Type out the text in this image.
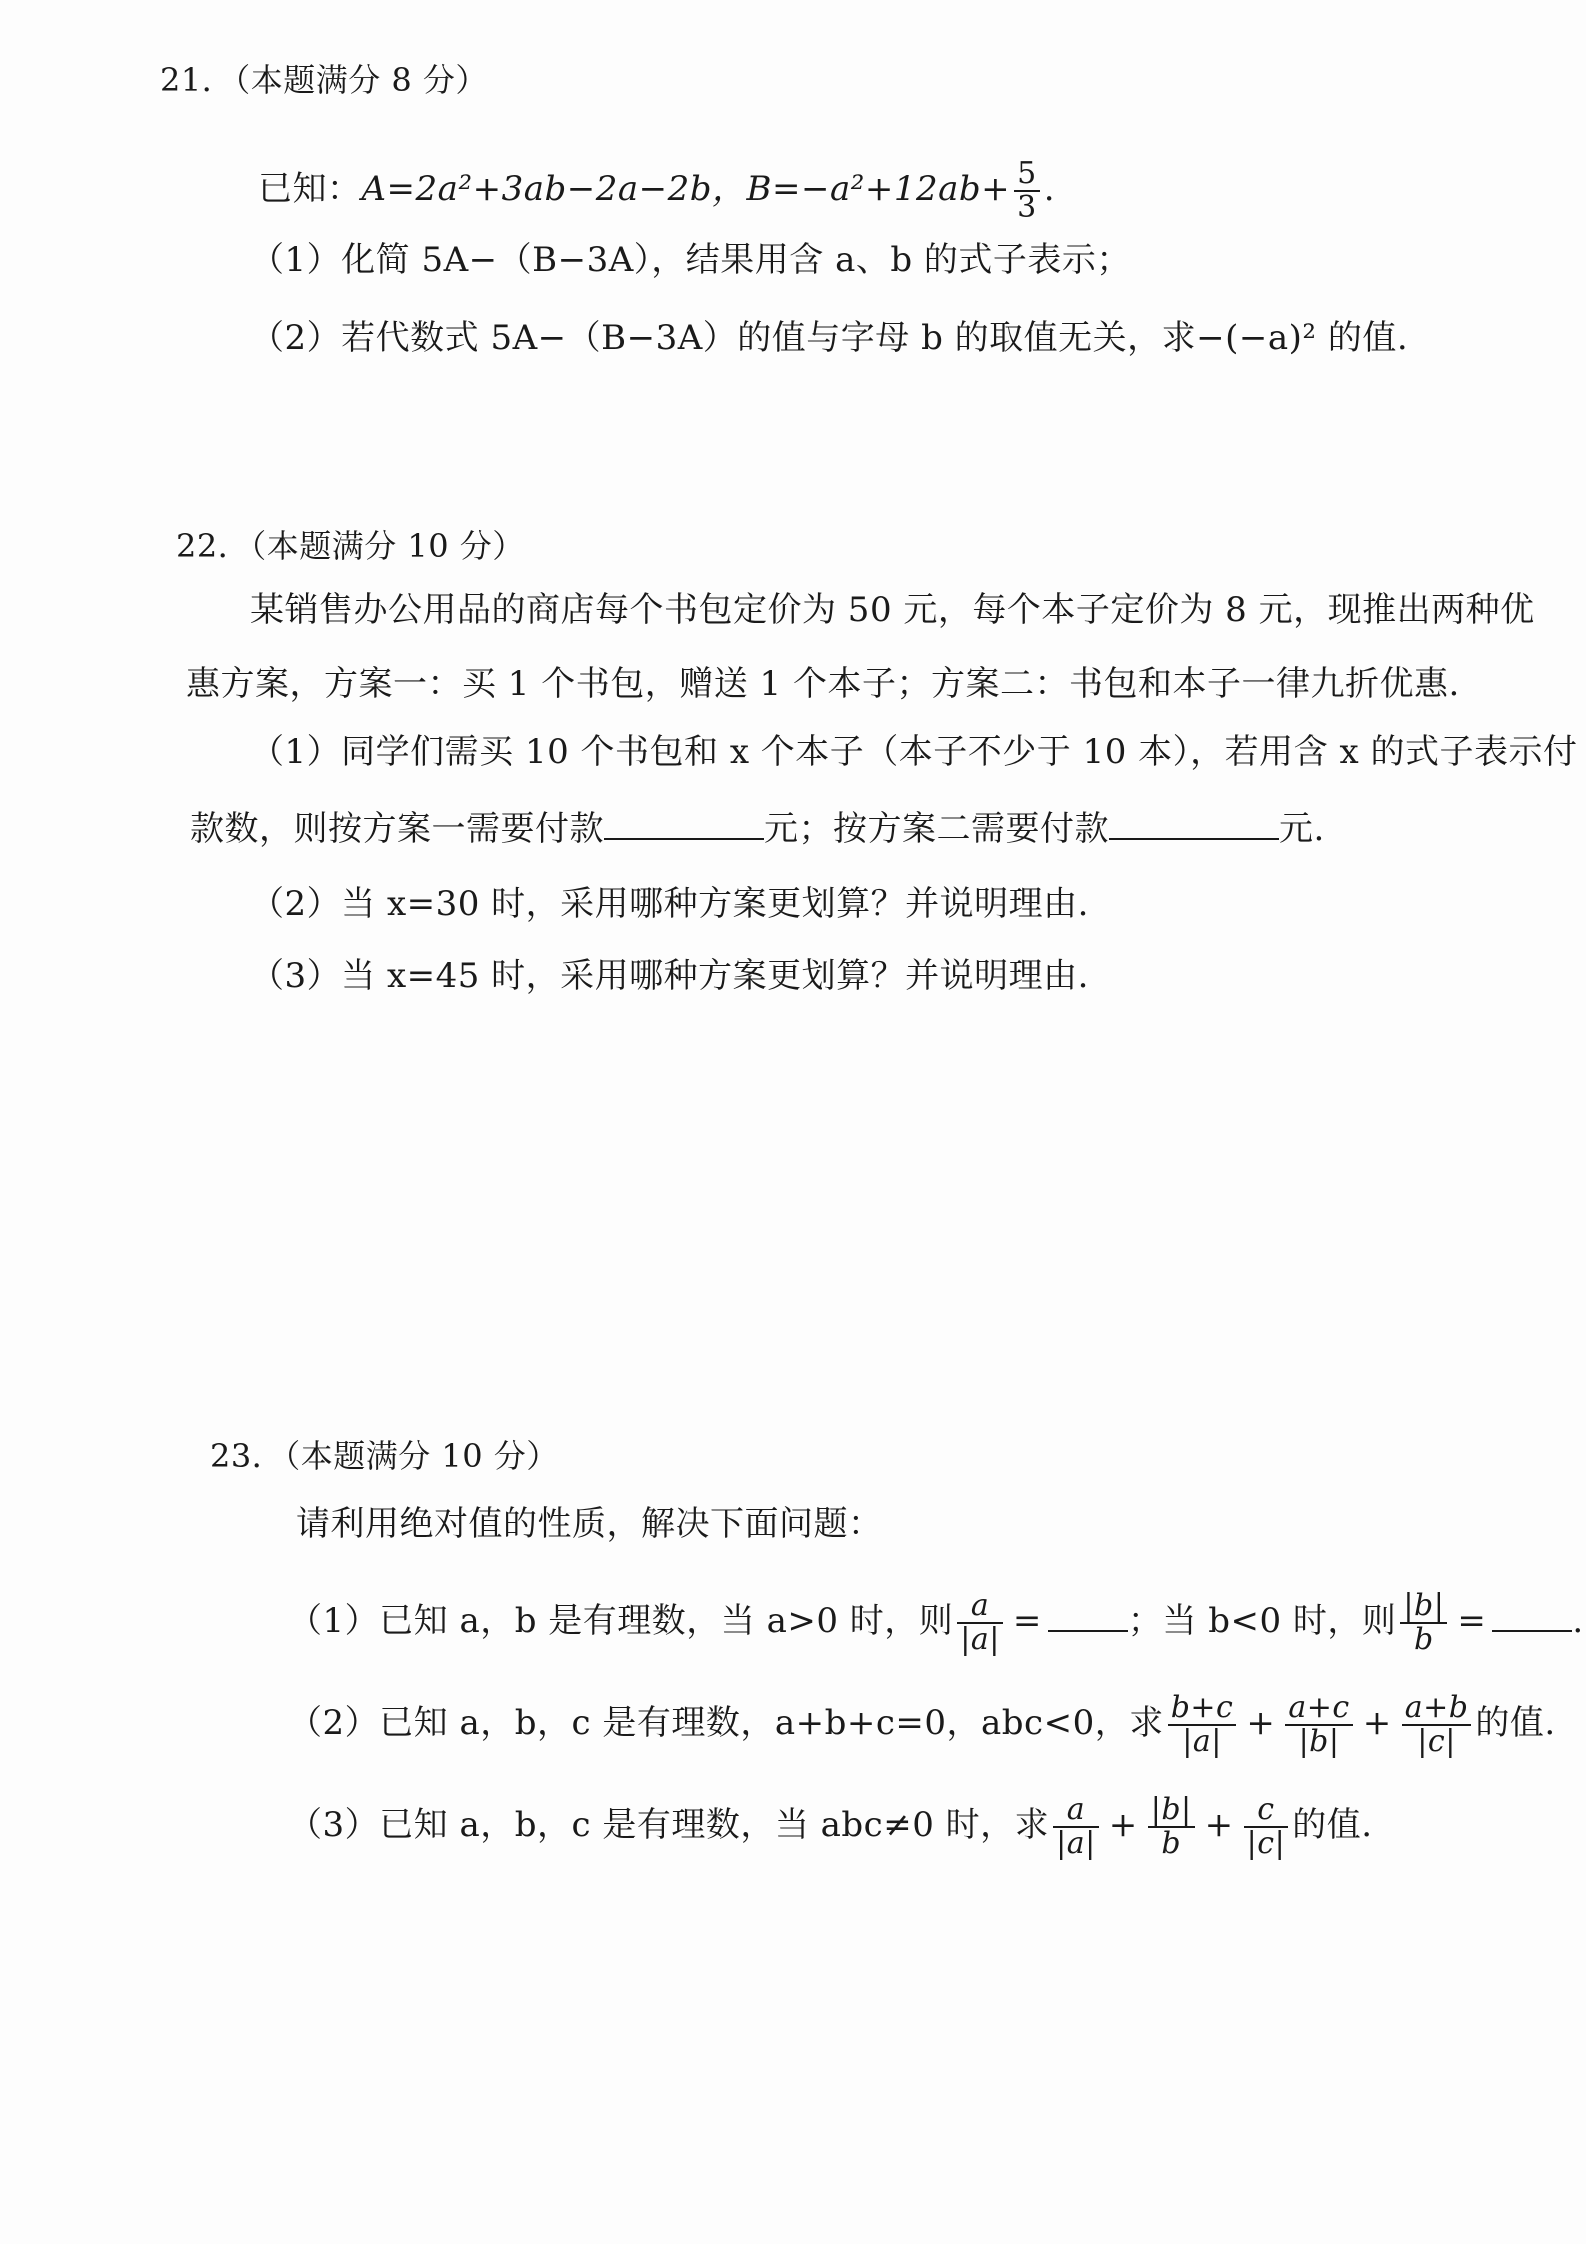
21．（本题满分 8 分）
已知：A=2a²+3ab−2a−2b，$B=-a^2+12ab+ \frac{5}{3}$ .
（1）化简 5A−（B−3A），结果用含 a、b 的式子表示；
（2）若代数式 5A−（B−3A）的值与字母 b 的取值无关，求−(−a)² 的值.
22．（本题满分 10 分）
某销售办公用品的商店每个书包定价为 50 元，每个本子定价为 8 元，现推出两种优
惠方案，方案一：买 1 个书包，赠送 1 个本子；方案二：书包和本子一律九折优惠.
（1）同学们需买 10 个书包和 x 个本子（本子不少于 10 本），若用含 x 的式子表示付
款数，则按方案一需要付款	元；按方案二需要付款	元.
（2）当 x=30 时，采用哪种方案更划算？并说明理由.
（3）当 x=45 时，采用哪种方案更划算？并说明理由.
23．（本题满分 10 分）
请利用绝对值的性质，解决下面问题：
（1）已知 a，b 是有理数，当 a>0 时，则 $\frac{a}{|a|}$ =	；当 b<0 时，则 $\frac{|b|}{b}$ =	.
（2）已知 a，b，c 是有理数，a+b+c=0，abc<0，求 $\frac{b+c}{|a|} + \frac{a+c}{|b|} + \frac{a+b}{|c|}$ 的值.
（3）已知 a，b，c 是有理数，当 abc≠0 时，求 $\frac{a}{|a|} + \frac{|b|}{b} + \frac{c}{|c|}$ 的值.
